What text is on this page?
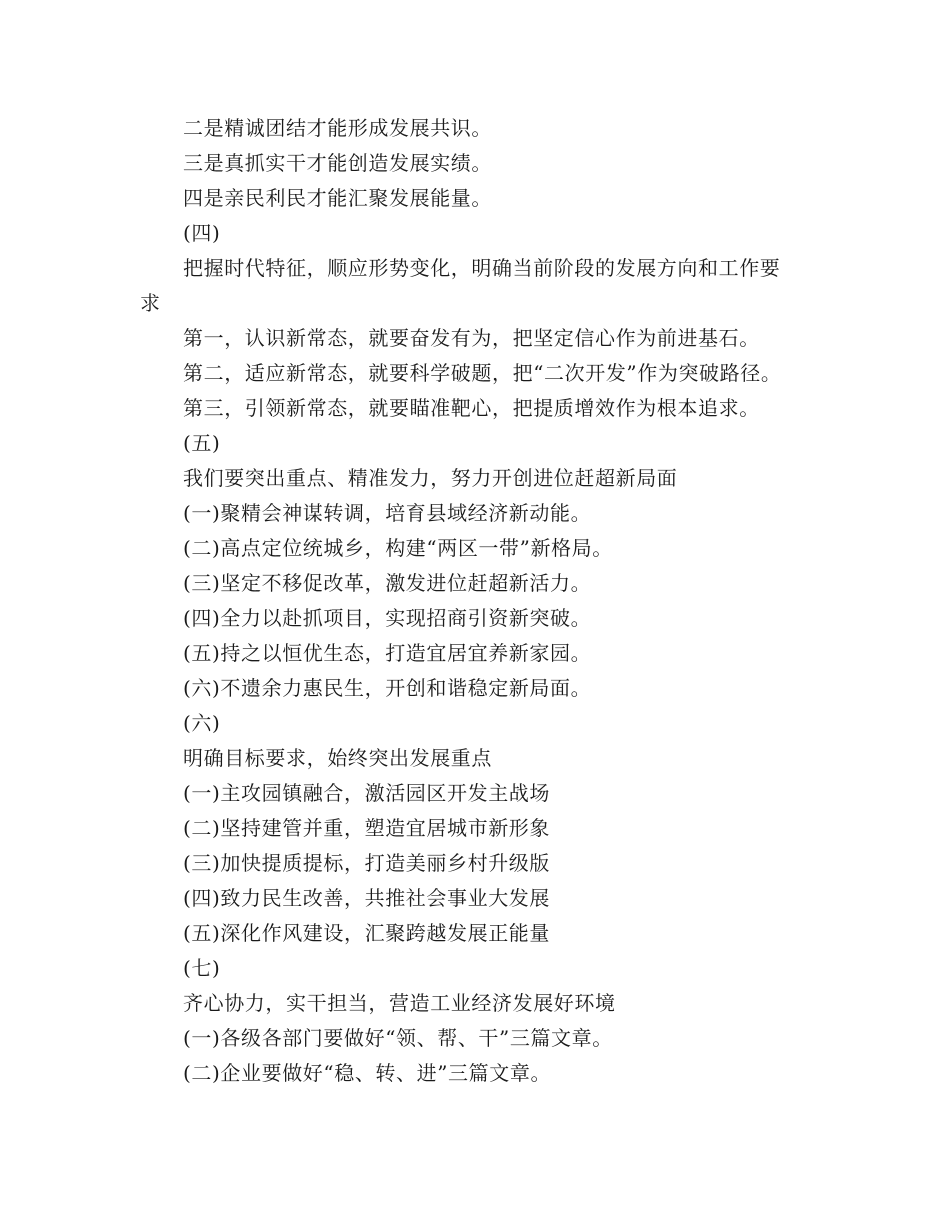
二是精诚团结才能形成发展共识。
三是真抓实干才能创造发展实绩。
四是亲民利民才能汇聚发展能量。
(四)
把握时代特征，顺应形势变化，明确当前阶段的发展方向和工作要
求
第一，认识新常态，就要奋发有为，把坚定信心作为前进基石。
第二，适应新常态，就要科学破题，把“二次开发”作为突破路径。
第三，引领新常态，就要瞄准靶心，把提质增效作为根本追求。
(五)
我们要突出重点、精准发力，努力开创进位赶超新局面
(一)聚精会神谋转调，培育县域经济新动能。
(二)高点定位统城乡，构建“两区一带”新格局。
(三)坚定不移促改革，激发进位赶超新活力。
(四)全力以赴抓项目，实现招商引资新突破。
(五)持之以恒优生态，打造宜居宜养新家园。
(六)不遗余力惠民生，开创和谐稳定新局面。
(六)
明确目标要求，始终突出发展重点
(一)主攻园镇融合，激活园区开发主战场
(二)坚持建管并重，塑造宜居城市新形象
(三)加快提质提标，打造美丽乡村升级版
(四)致力民生改善，共推社会事业大发展
(五)深化作风建设，汇聚跨越发展正能量
(七)
齐心协力，实干担当，营造工业经济发展好环境
(一)各级各部门要做好“领、帮、干”三篇文章。
(二)企业要做好“稳、转、进”三篇文章。
